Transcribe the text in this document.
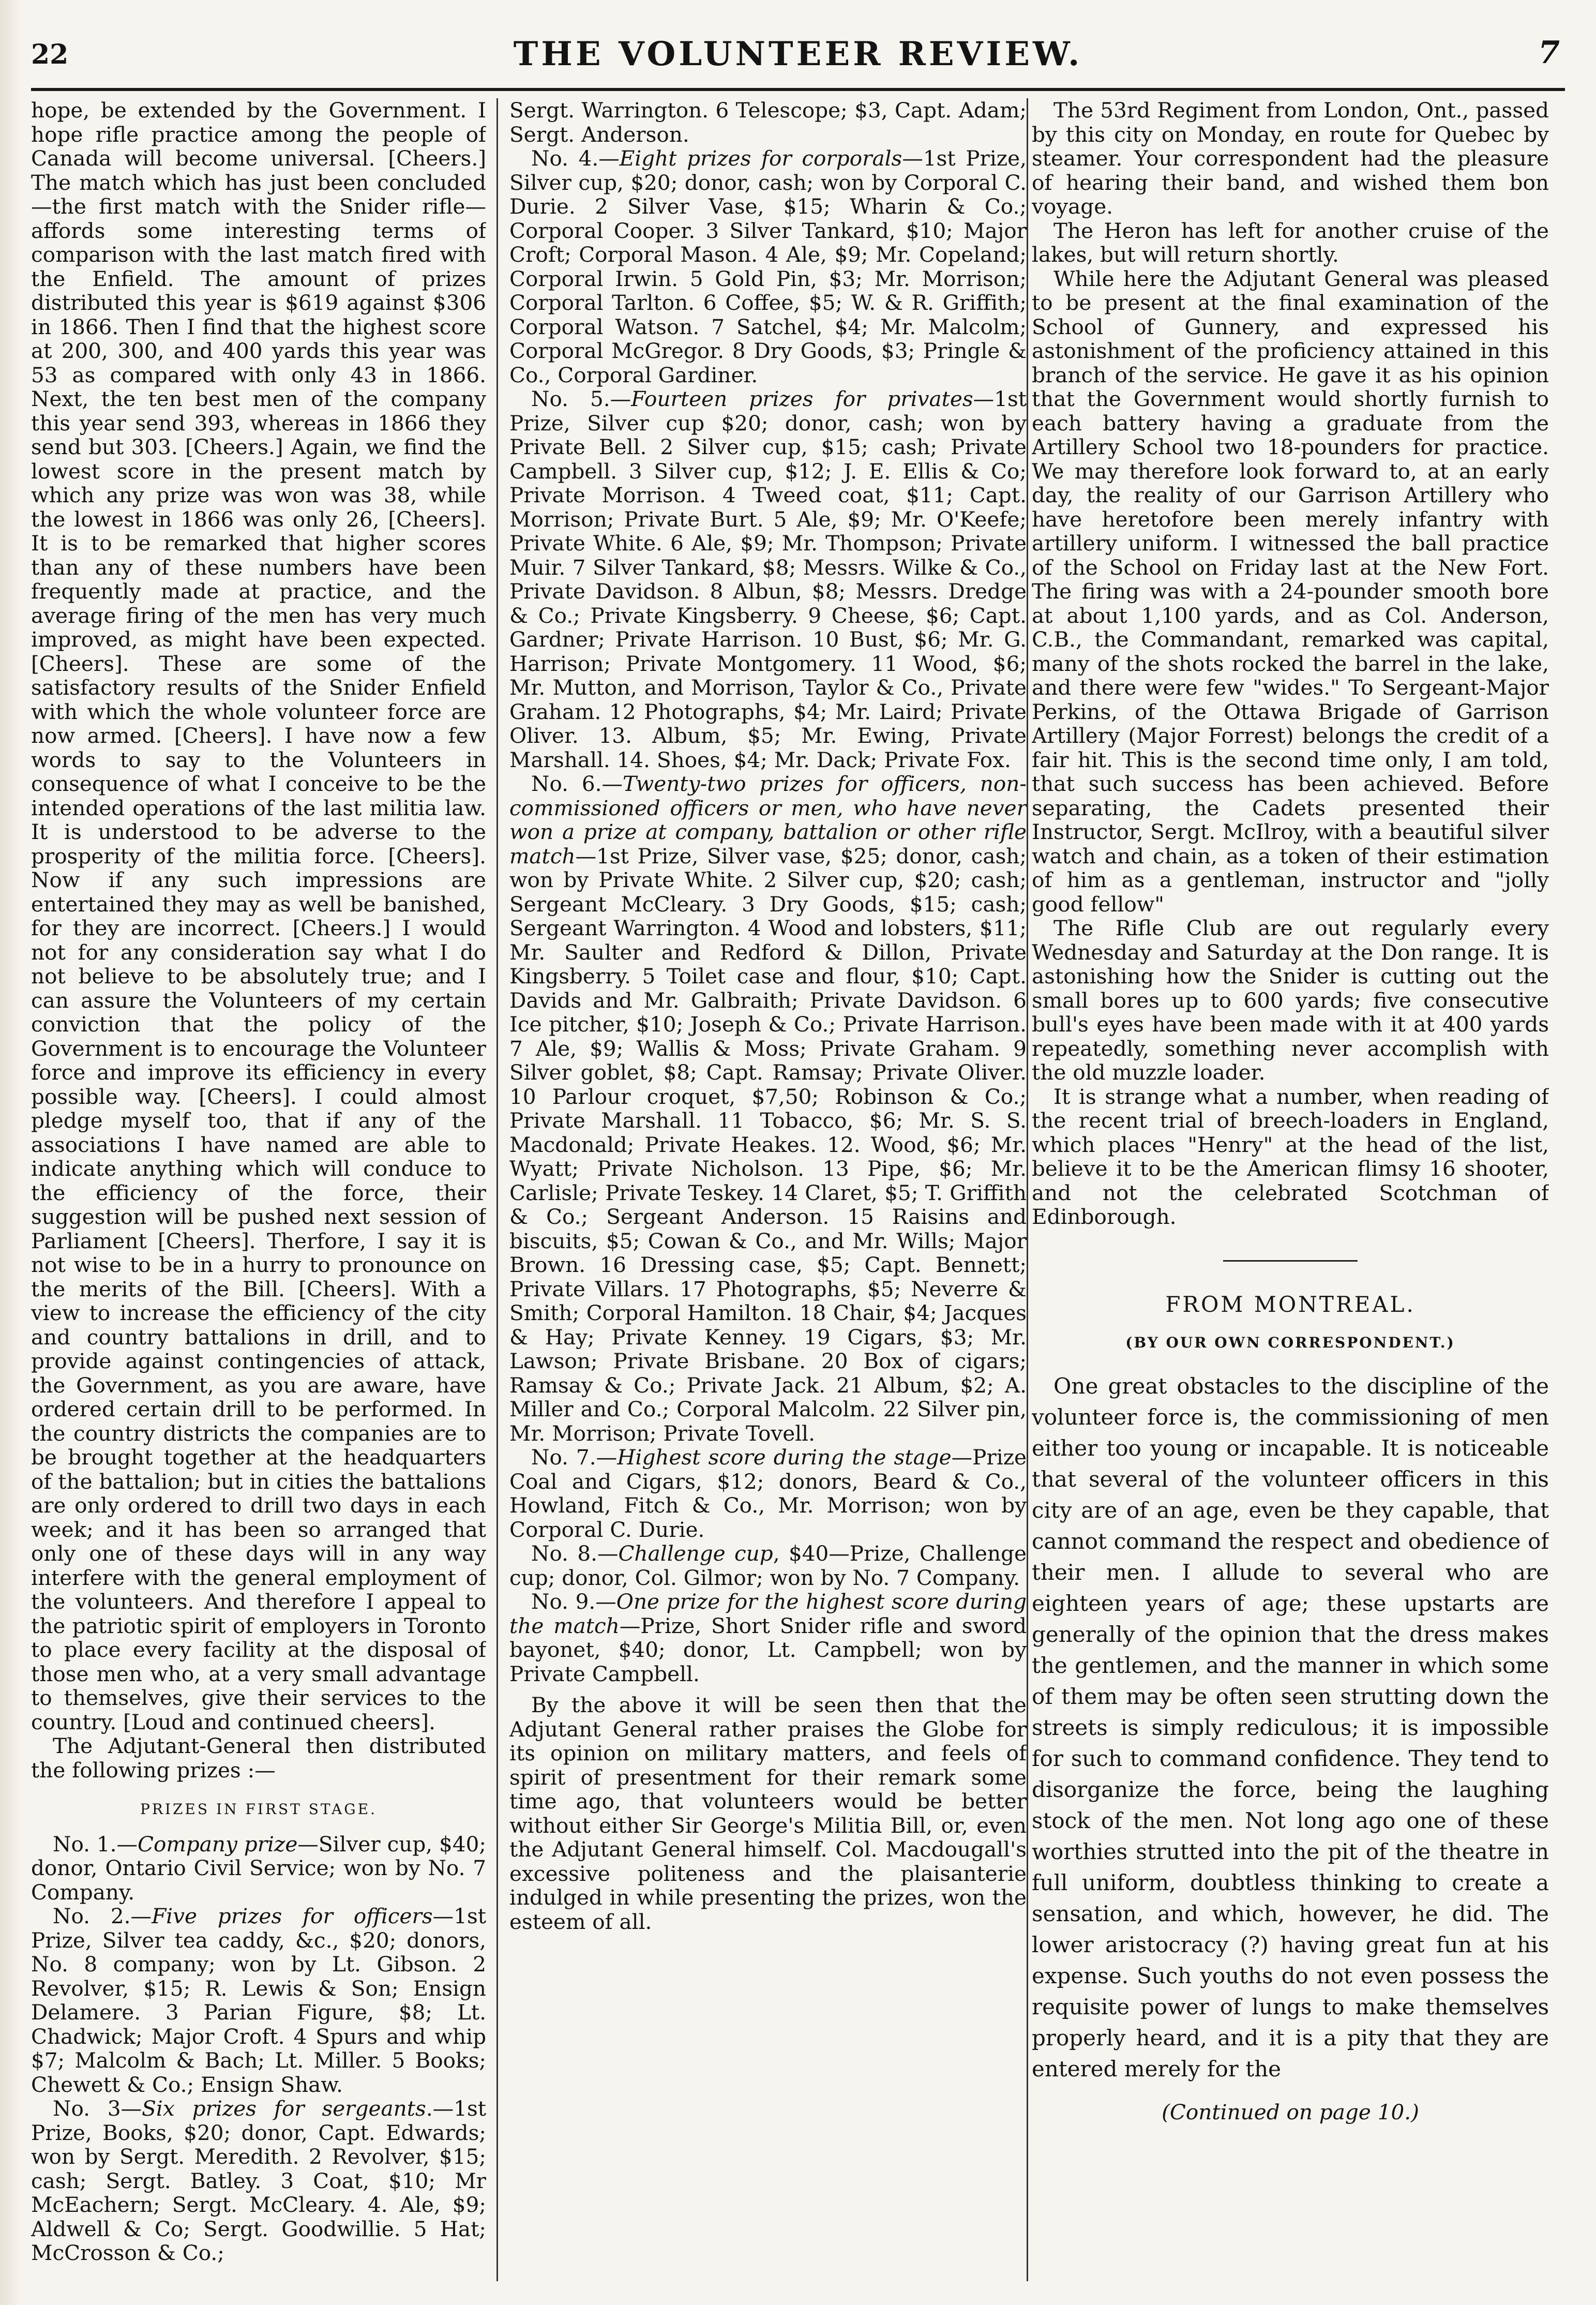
22	THE VOLUNTEER REVIEW.	7

hope, be extended by the Government. I hope rifle practice among the people of Canada will become universal. [Cheers.] The match which has just been concluded —the first match with the Snider rifle— affords some interesting terms of comparison with the last match fired with the Enfield. The amount of prizes distributed this year is $619 against $306 in 1866. Then I find that the highest score at 200, 300, and 400 yards this year was 53 as compared with only 43 in 1866. Next, the ten best men of the company this year send 393, whereas in 1866 they send but 303. [Cheers.] Again, we find the lowest score in the present match by which any prize was won was 38, while the lowest in 1866 was only 26, [Cheers]. It is to be remarked that higher scores than any of these numbers have been frequently made at practice, and the average firing of the men has very much improved, as might have been expected. [Cheers]. These are some of the satisfactory results of the Snider Enfield with which the whole volunteer force are now armed. [Cheers]. I have now a few words to say to the Volunteers in consequence of what I conceive to be the intended operations of the last militia law. It is understood to be adverse to the prosperity of the militia force. [Cheers]. Now if any such impressions are entertained they may as well be banished, for they are incorrect. [Cheers.] I would not for any consideration say what I do not believe to be absolutely true; and I can assure the Volunteers of my certain conviction that the policy of the Government is to encourage the Volunteer force and improve its efficiency in every possible way. [Cheers]. I could almost pledge myself too, that if any of the associations I have named are able to indicate anything which will conduce to the efficiency of the force, their suggestion will be pushed next session of Parliament [Cheers]. Therfore, I say it is not wise to be in a hurry to pronounce on the merits of the Bill. [Cheers]. With a view to increase the efficiency of the city and country battalions in drill, and to provide against contingencies of attack, the Government, as you are aware, have ordered certain drill to be performed. In the country districts the companies are to be brought together at the headquarters of the battalion; but in cities the battalions are only ordered to drill two days in each week; and it has been so arranged that only one of these days will in any way interfere with the general employment of the volunteers. And therefore I appeal to the patriotic spirit of employers in Toronto to place every facility at the disposal of those men who, at a very small advantage to themselves, give their services to the country. [Loud and continued cheers].

The Adjutant-General then distributed the following prizes :—

PRIZES IN FIRST STAGE.

No. 1.—Company prize—Silver cup, $40; donor, Ontario Civil Service; won by No. 7 Company.

No. 2.—Five prizes for officers—1st Prize, Silver tea caddy, &c., $20; donors, No. 8 company; won by Lt. Gibson. 2 Revolver, $15; R. Lewis & Son; Ensign Delamere. 3 Parian Figure, $8; Lt. Chadwick; Major Croft. 4 Spurs and whip $7; Malcolm & Bach; Lt. Miller. 5 Books; Chewett & Co.; Ensign Shaw.

No. 3—Six prizes for sergeants.—1st Prize, Books, $20; donor, Capt. Edwards; won by Sergt. Meredith. 2 Revolver, $15; cash; Sergt. Batley. 3 Coat, $10; Mr McEachern; Sergt. McCleary. 4. Ale, $9; Aldwell & Co; Sergt. Goodwillie. 5 Hat; McCrosson & Co.;

Sergt. Warrington. 6 Telescope; $3, Capt. Adam; Sergt. Anderson.

No. 4.—Eight prizes for corporals—1st Prize, Silver cup, $20; donor, cash; won by Corporal C. Durie. 2 Silver Vase, $15; Wharin & Co.; Corporal Cooper. 3 Silver Tankard, $10; Major Croft; Corporal Mason. 4 Ale, $9; Mr. Copeland; Corporal Irwin. 5 Gold Pin, $3; Mr. Morrison; Corporal Tarlton. 6 Coffee, $5; W. & R. Griffith; Corporal Watson. 7 Satchel, $4; Mr. Malcolm; Corporal McGregor. 8 Dry Goods, $3; Pringle & Co., Corporal Gardiner.

No. 5.—Fourteen prizes for privates—1st Prize, Silver cup $20; donor, cash; won by Private Bell. 2 Silver cup, $15; cash; Private Campbell. 3 Silver cup, $12; J. E. Ellis & Co; Private Morrison. 4 Tweed coat, $11; Capt. Morrison; Private Burt. 5 Ale, $9; Mr. O'Keefe; Private White. 6 Ale, $9; Mr. Thompson; Private Muir. 7 Silver Tankard, $8; Messrs. Wilke & Co., Private Davidson. 8 Albun, $8; Messrs. Dredge & Co.; Private Kingsberry. 9 Cheese, $6; Capt. Gardner; Private Harrison. 10 Bust, $6; Mr. G. Harrison; Private Montgomery. 11 Wood, $6; Mr. Mutton, and Morrison, Taylor & Co., Private Graham. 12 Photographs, $4; Mr. Laird; Private Oliver. 13. Album, $5; Mr. Ewing, Private Marshall. 14. Shoes, $4; Mr. Dack; Private Fox.

No. 6.—Twenty-two prizes for officers, non-commissioned officers or men, who have never won a prize at company, battalion or other rifle match—1st Prize, Silver vase, $25; donor, cash; won by Private White. 2 Silver cup, $20; cash; Sergeant McCleary. 3 Dry Goods, $15; cash; Sergeant Warrington. 4 Wood and lobsters, $11; Mr. Saulter and Redford & Dillon, Private Kingsberry. 5 Toilet case and flour, $10; Capt. Davids and Mr. Galbraith; Private Davidson. 6 Ice pitcher, $10; Joseph & Co.; Private Harrison. 7 Ale, $9; Wallis & Moss; Private Graham. 9 Silver goblet, $8; Capt. Ramsay; Private Oliver. 10 Parlour croquet, $7,50; Robinson & Co.; Private Marshall. 11 Tobacco, $6; Mr. S. S. Macdonald; Private Heakes. 12. Wood, $6; Mr. Wyatt; Private Nicholson. 13 Pipe, $6; Mr. Carlisle; Private Teskey. 14 Claret, $5; T. Griffith & Co.; Sergeant Anderson. 15 Raisins and biscuits, $5; Cowan & Co., and Mr. Wills; Major Brown. 16 Dressing case, $5; Capt. Bennett; Private Villars. 17 Photographs, $5; Neverre & Smith; Corporal Hamilton. 18 Chair, $4; Jacques & Hay; Private Kenney. 19 Cigars, $3; Mr. Lawson; Private Brisbane. 20 Box of cigars; Ramsay & Co.; Private Jack. 21 Album, $2; A. Miller and Co.; Corporal Malcolm. 22 Silver pin, Mr. Morrison; Private Tovell.

No. 7.—Highest score during the stage—Prize Coal and Cigars, $12; donors, Beard & Co., Howland, Fitch & Co., Mr. Morrison; won by Corporal C. Durie.

No. 8.—Challenge cup, $40—Prize, Challenge cup; donor, Col. Gilmor; won by No. 7 Company.

No. 9.—One prize for the highest score during the match—Prize, Short Snider rifle and sword bayonet, $40; donor, Lt. Campbell; won by Private Campbell.

By the above it will be seen then that the Adjutant General rather praises the Globe for its opinion on military matters, and feels of spirit of presentment for their remark some time ago, that volunteers would be better without either Sir George's Militia Bill, or, even the Adjutant General himself. Col. Macdougall's excessive politeness and the plaisanterie indulged in while presenting the prizes, won the esteem of all.

The 53rd Regiment from London, Ont., passed by this city on Monday, en route for Quebec by steamer. Your correspondent had the pleasure of hearing their band, and wished them bon voyage.

The Heron has left for another cruise of the lakes, but will return shortly.

While here the Adjutant General was pleased to be present at the final examination of the School of Gunnery, and expressed his astonishment of the proficiency attained in this branch of the service. He gave it as his opinion that the Government would shortly furnish to each battery having a graduate from the Artillery School two 18-pounders for practice. We may therefore look forward to, at an early day, the reality of our Garrison Artillery who have heretofore been merely infantry with artillery uniform. I witnessed the ball practice of the School on Friday last at the New Fort. The firing was with a 24-pounder smooth bore at about 1,100 yards, and as Col. Anderson, C.B., the Commandant, remarked was capital, many of the shots rocked the barrel in the lake, and there were few "wides." To Sergeant-Major Perkins, of the Ottawa Brigade of Garrison Artillery (Major Forrest) belongs the credit of a fair hit. This is the second time only, I am told, that such success has been achieved. Before separating, the Cadets presented their Instructor, Sergt. McIlroy, with a beautiful silver watch and chain, as a token of their estimation of him as a gentleman, instructor and "jolly good fellow"

The Rifle Club are out regularly every Wednesday and Saturday at the Don range. It is astonishing how the Snider is cutting out the small bores up to 600 yards; five consecutive bull's eyes have been made with it at 400 yards repeatedly, something never accomplish with the old muzzle loader.

It is strange what a number, when reading of the recent trial of breech-loaders in England, which places "Henry" at the head of the list, believe it to be the American flimsy 16 shooter, and not the celebrated Scotchman of Edinborough.

FROM MONTREAL.

(BY OUR OWN CORRESPONDENT.)

One great obstacles to the discipline of the volunteer force is, the commissioning of men either too young or incapable. It is noticeable that several of the volunteer officers in this city are of an age, even be they capable, that cannot command the respect and obedience of their men. I allude to several who are eighteen years of age; these upstarts are generally of the opinion that the dress makes the gentlemen, and the manner in which some of them may be often seen strutting down the streets is simply rediculous; it is impossible for such to command confidence. They tend to disorganize the force, being the laughing stock of the men. Not long ago one of these worthies strutted into the pit of the theatre in full uniform, doubtless thinking to create a sensation, and which, however, he did. The lower aristocracy (?) having great fun at his expense. Such youths do not even possess the requisite power of lungs to make themselves properly heard, and it is a pity that they are entered merely for the

(Continued on page 10.)
